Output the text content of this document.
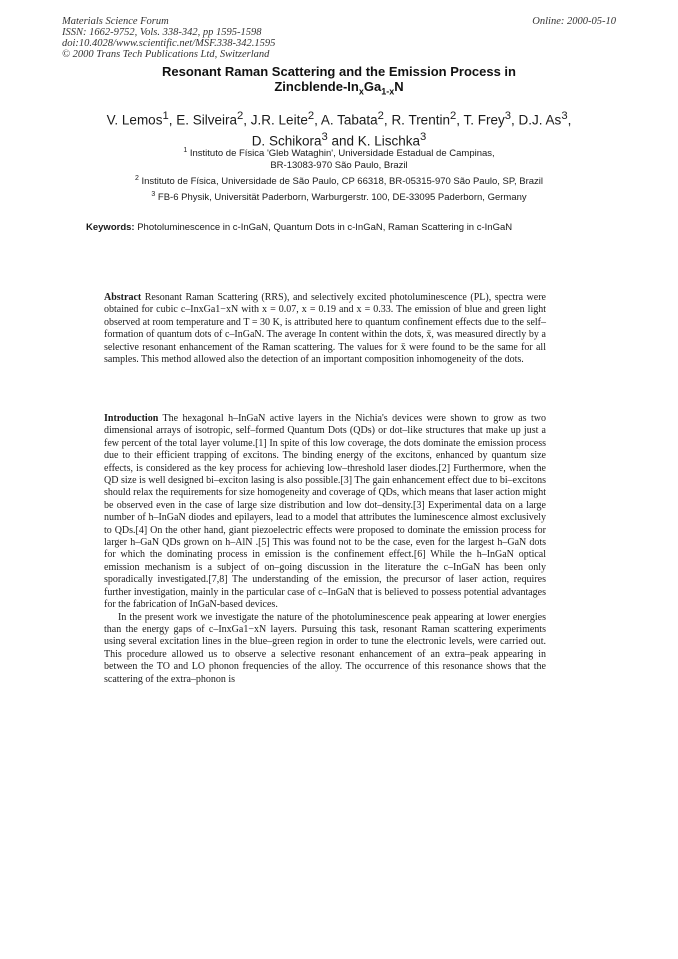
Materials Science Forum
ISSN: 1662-9752, Vols. 338-342, pp 1595-1598
doi:10.4028/www.scientific.net/MSF.338-342.1595
© 2000 Trans Tech Publications Ltd, Switzerland
Online: 2000-05-10
Resonant Raman Scattering and the Emission Process in
Zincblende-$In_xGa_{1-x}N$
V. Lemos$^1$, E. Silveira$^2$, J.R. Leite$^2$, A. Tabata$^2$, R. Trentin$^2$, T. Frey$^3$, D.J. As$^3$,
D. Schikora$^3$ and K. Lischka$^3$
$^1$ Instituto de Física 'Gleb Wataghin', Universidade Estadual de Campinas,
BR-13083-970 São Paulo, Brazil
$^2$ Instituto de Física, Universidade de São Paulo, CP 66318, BR-05315-970 São Paulo, SP, Brazil
$^3$ FB-6 Physik, Universität Paderborn, Warburgerstr. 100, DE-33095 Paderborn, Germany
Keywords: Photoluminescence in c-InGaN, Quantum Dots in c-InGaN, Raman Scattering in c-InGaN
Abstract Resonant Raman Scattering (RRS), and selectively excited photoluminescence (PL), spectra were obtained for cubic c–InxGa1−xN with x = 0.07, x = 0.19 and x = 0.33. The emission of blue and green light observed at room temperature and T = 30 K, is attributed here to quantum confinement effects due to the self–formation of quantum dots of c–InGaN. The average In content within the dots, x̄, was measured directly by a selective resonant enhancement of the Raman scattering. The values for x̄ were found to be the same for all samples. This method allowed also the detection of an important composition inhomogeneity of the dots.
Introduction The hexagonal h–InGaN active layers in the Nichia's devices were shown to grow as two dimensional arrays of isotropic, self–formed Quantum Dots (QDs) or dot–like structures that make up just a few percent of the total layer volume.[1] In spite of this low coverage, the dots dominate the emission process due to their efficient trapping of excitons. The binding energy of the excitons, enhanced by quantum size effects, is considered as the key process for achieving low–threshold laser diodes.[2] Furthermore, when the QD size is well designed bi–exciton lasing is also possible.[3] The gain enhancement effect due to bi–excitons should relax the requirements for size homogeneity and coverage of QDs, which means that laser action might be observed even in the case of large size distribution and low dot–density.[3] Experimental data on a large number of h–InGaN diodes and epilayers, lead to a model that attributes the luminescence almost exclusively to QDs.[4] On the other hand, giant piezoelectric effects were proposed to dominate the emission process for larger h–GaN QDs grown on h–AlN .[5] This was found not to be the case, even for the largest h–GaN dots for which the dominating process in emission is the confinement effect.[6] While the h–InGaN optical emission mechanism is a subject of on–going discussion in the literature the c–InGaN has been only sporadically investigated.[7,8] The understanding of the emission, the precursor of laser action, requires further investigation, mainly in the particular case of c–InGaN that is believed to possess potential advantages for the fabrication of InGaN-based devices.
In the present work we investigate the nature of the photoluminescence peak appearing at lower energies than the energy gaps of c–InxGa1−xN layers. Pursuing this task, resonant Raman scattering experiments using several excitation lines in the blue–green region in order to tune the electronic levels, were carried out. This procedure allowed us to observe a selective resonant enhancement of an extra–peak appearing in between the TO and LO phonon frequencies of the alloy. The occurrence of this resonance shows that the scattering of the extra–phonon is
